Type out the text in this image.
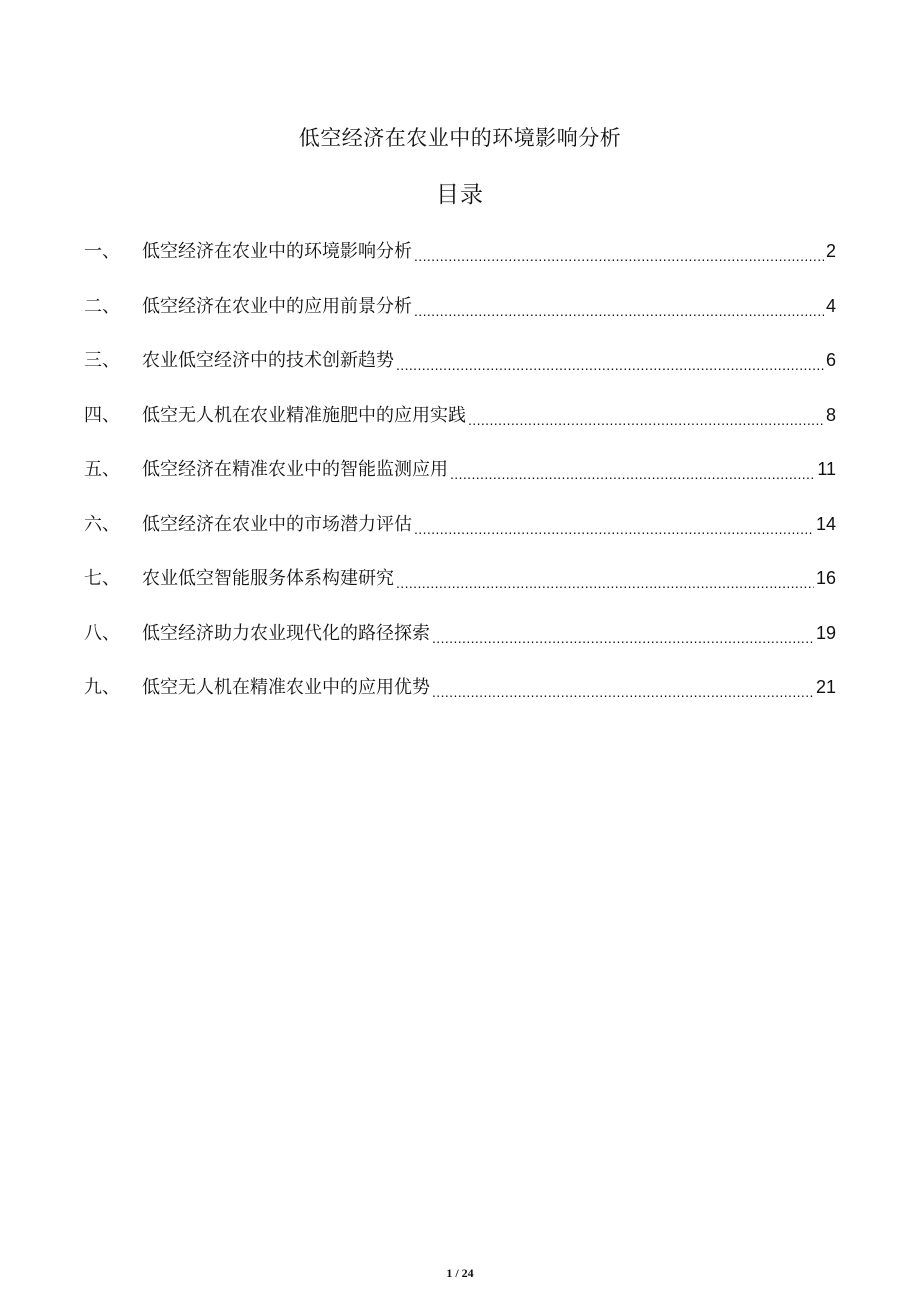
低空经济在农业中的环境影响分析
目录
一、	低空经济在农业中的环境影响分析 .....	2
二、	低空经济在农业中的应用前景分析 .....	4
三、	农业低空经济中的技术创新趋势 .....	6
四、	低空无人机在农业精准施肥中的应用实践 .....	8
五、	低空经济在精准农业中的智能监测应用 .....	11
六、	低空经济在农业中的市场潜力评估 .....	14
七、	农业低空智能服务体系构建研究 .....	16
八、	低空经济助力农业现代化的路径探索 .....	19
九、	低空无人机在精准农业中的应用优势 .....	21
1 / 24
